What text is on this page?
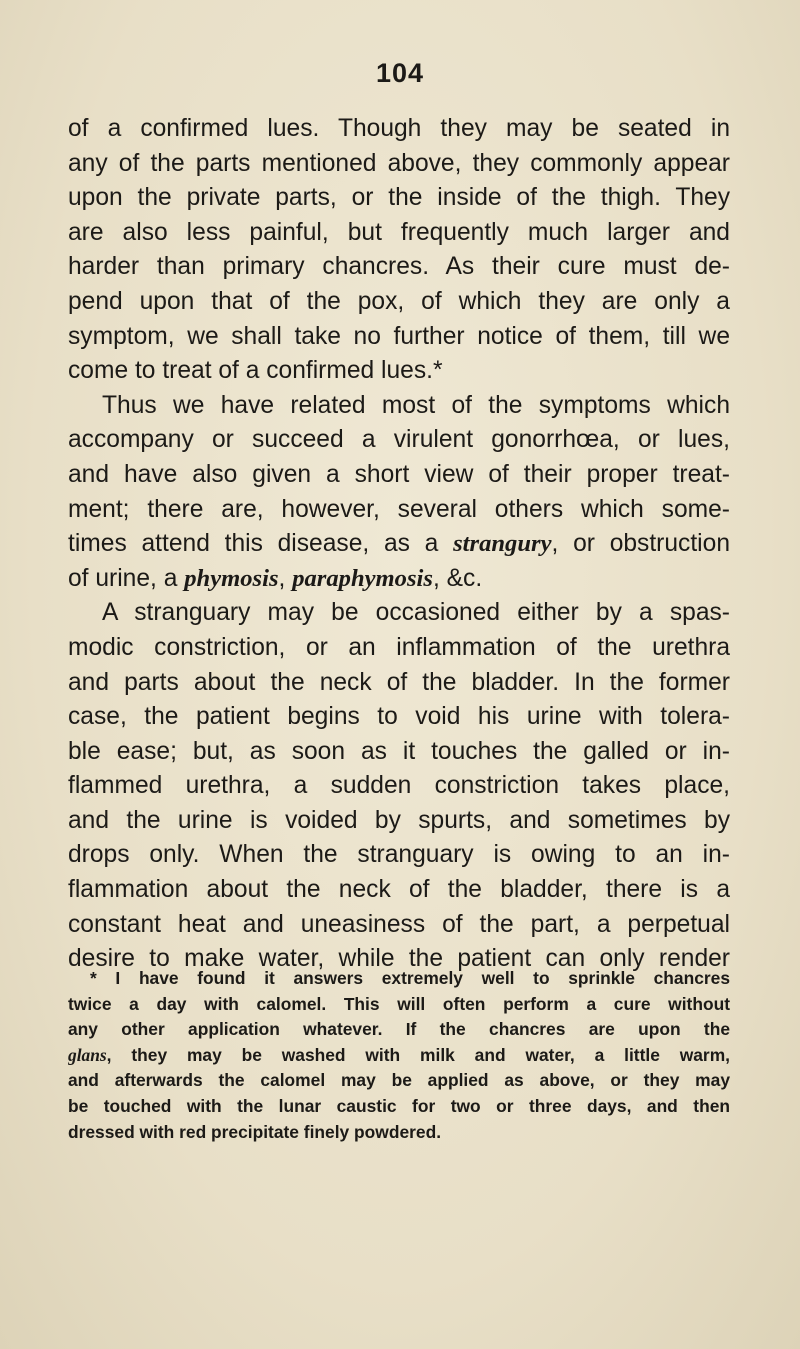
104
of a confirmed lues. Though they may be seated in
any of the parts mentioned above, they commonly appear
upon the private parts, or the inside of the thigh. They
are also less painful, but frequently much larger and
harder than primary chancres. As their cure must de-
pend upon that of the pox, of which they are only a
symptom, we shall take no further notice of them, till we
come to treat of a confirmed lues.*
Thus we have related most of the symptoms which
accompany or succeed a virulent gonorrhœa, or lues,
and have also given a short view of their proper treat-
ment; there are, however, several others which some-
times attend this disease, as a strangury, or obstruction
of urine, a phymosis, paraphymosis, &c.
A stranguary may be occasioned either by a spas-
modic constriction, or an inflammation of the urethra
and parts about the neck of the bladder. In the former
case, the patient begins to void his urine with tolera-
ble ease; but, as soon as it touches the galled or in-
flammed urethra, a sudden constriction takes place,
and the urine is voided by spurts, and sometimes by
drops only. When the stranguary is owing to an in-
flammation about the neck of the bladder, there is a
constant heat and uneasiness of the part, a perpetual
desire to make water, while the patient can only render
* I have found it answers extremely well to sprinkle chancres
twice a day with calomel. This will often perform a cure without
any other application whatever. If the chancres are upon the
glans, they may be washed with milk and water, a little warm,
and afterwards the calomel may be applied as above, or they may
be touched with the lunar caustic for two or three days, and then
dressed with red precipitate finely powdered.
